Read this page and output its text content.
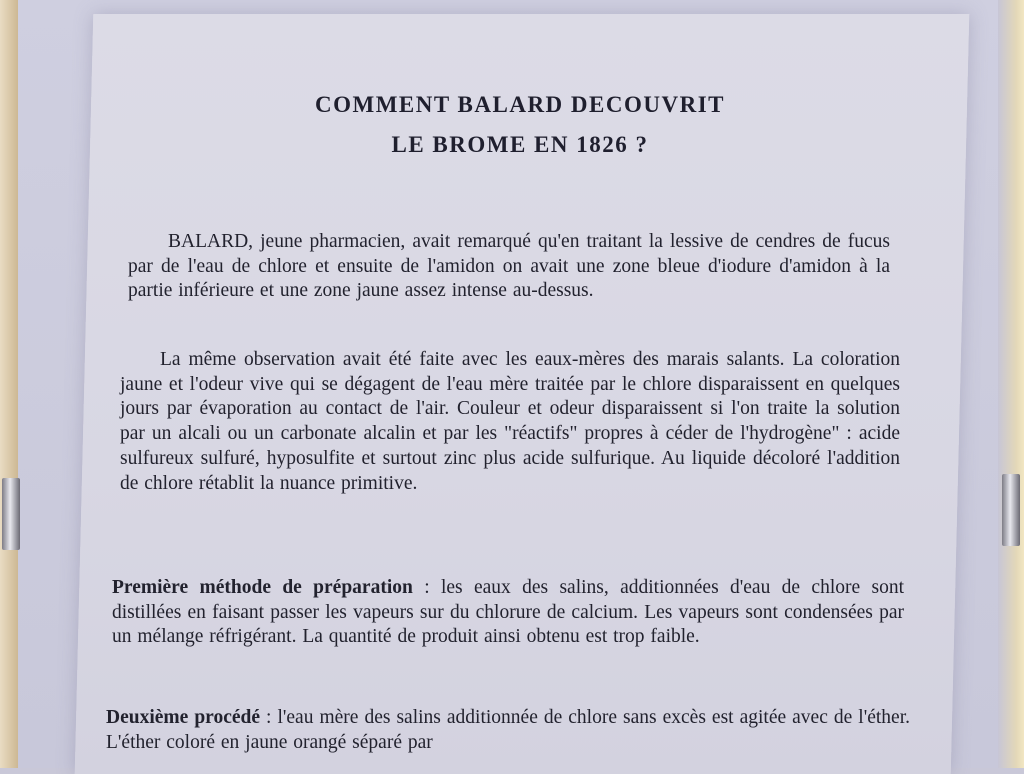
COMMENT BALARD DECOUVRIT
LE BROME EN 1826 ?
BALARD, jeune pharmacien, avait remarqué qu'en traitant la lessive de cendres de fucus par de l'eau de chlore et ensuite de l'amidon on avait une zone bleue d'iodure d'amidon à la partie inférieure et une zone jaune assez intense au-dessus.
La même observation avait été faite avec les eaux-mères des marais salants. La coloration jaune et l'odeur vive qui se dégagent de l'eau mère traitée par le chlore disparaissent en quelques jours par évaporation au contact de l'air. Couleur et odeur disparaissent si l'on traite la solution par un alcali ou un carbonate alcalin et par les "réactifs" propres à céder de l'hydrogène" : acide sulfureux sulfuré, hyposulfite et surtout zinc plus acide sulfurique. Au liquide décoloré l'addition de chlore rétablit la nuance primitive.
Première méthode de préparation : les eaux des salins, additionnées d'eau de chlore sont distillées en faisant passer les vapeurs sur du chlorure de calcium. Les vapeurs sont condensées par un mélange réfrigérant. La quantité de produit ainsi obtenu est trop faible.
Deuxième procédé : l'eau mère des salins additionnée de chlore sans excès est agitée avec de l'éther. L'éther coloré en jaune orangé séparé par
